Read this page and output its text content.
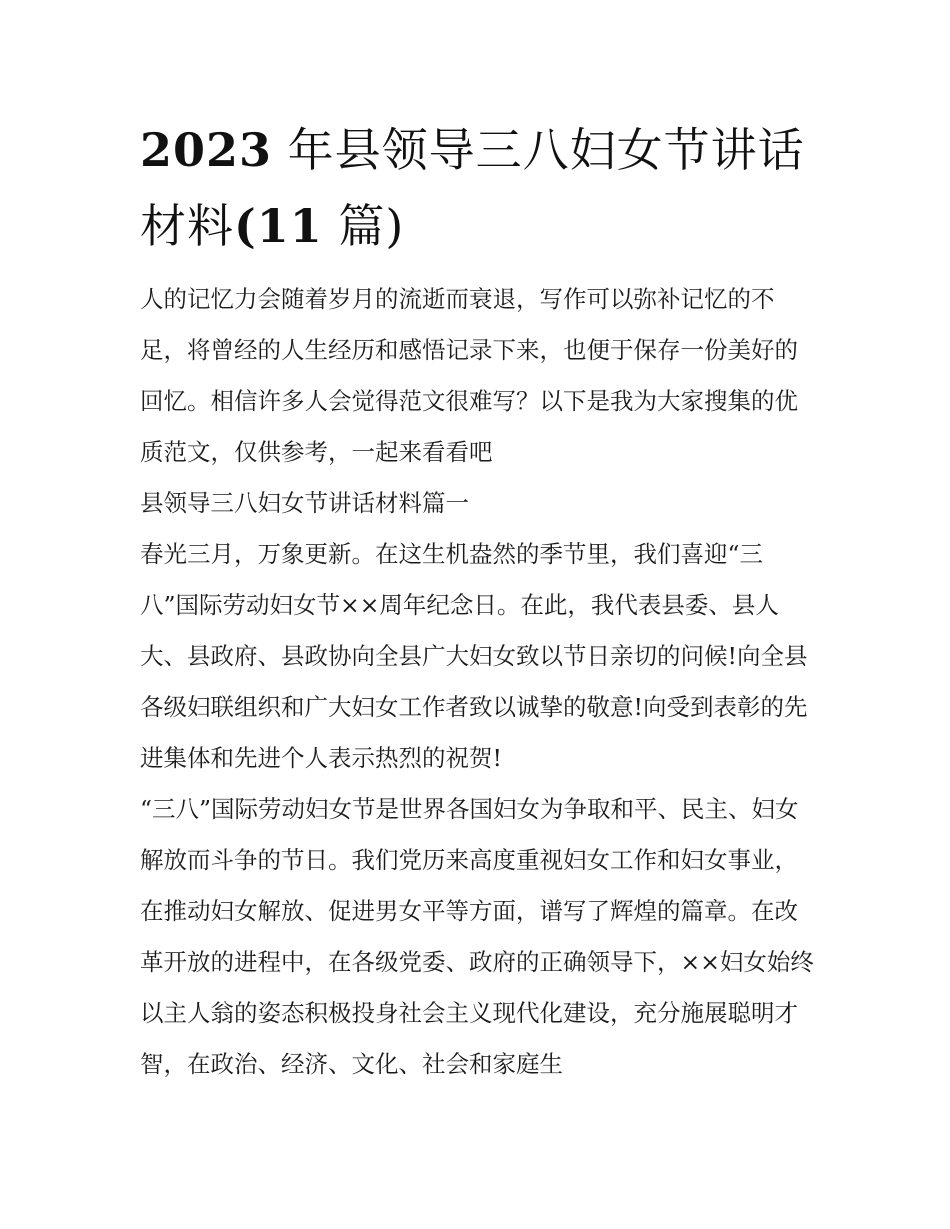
2023 年县领导三八妇女节讲话材料(11 篇)

人的记忆力会随着岁月的流逝而衰退，写作可以弥补记忆的不足，将曾经的人生经历和感悟记录下来，也便于保存一份美好的回忆。相信许多人会觉得范文很难写？以下是我为大家搜集的优质范文，仅供参考，一起来看看吧

县领导三八妇女节讲话材料篇一

春光三月，万象更新。在这生机盎然的季节里，我们喜迎“三八”国际劳动妇女节××周年纪念日。在此，我代表县委、县人大、县政府、县政协向全县广大妇女致以节日亲切的问候!向全县各级妇联组织和广大妇女工作者致以诚挚的敬意!向受到表彰的先进集体和先进个人表示热烈的祝贺!

“三八”国际劳动妇女节是世界各国妇女为争取和平、民主、妇女解放而斗争的节日。我们党历来高度重视妇女工作和妇女事业，在推动妇女解放、促进男女平等方面，谱写了辉煌的篇章。在改革开放的进程中，在各级党委、政府的正确领导下，××妇女始终以主人翁的姿态积极投身社会主义现代化建设，充分施展聪明才智，在政治、经济、文化、社会和家庭生
